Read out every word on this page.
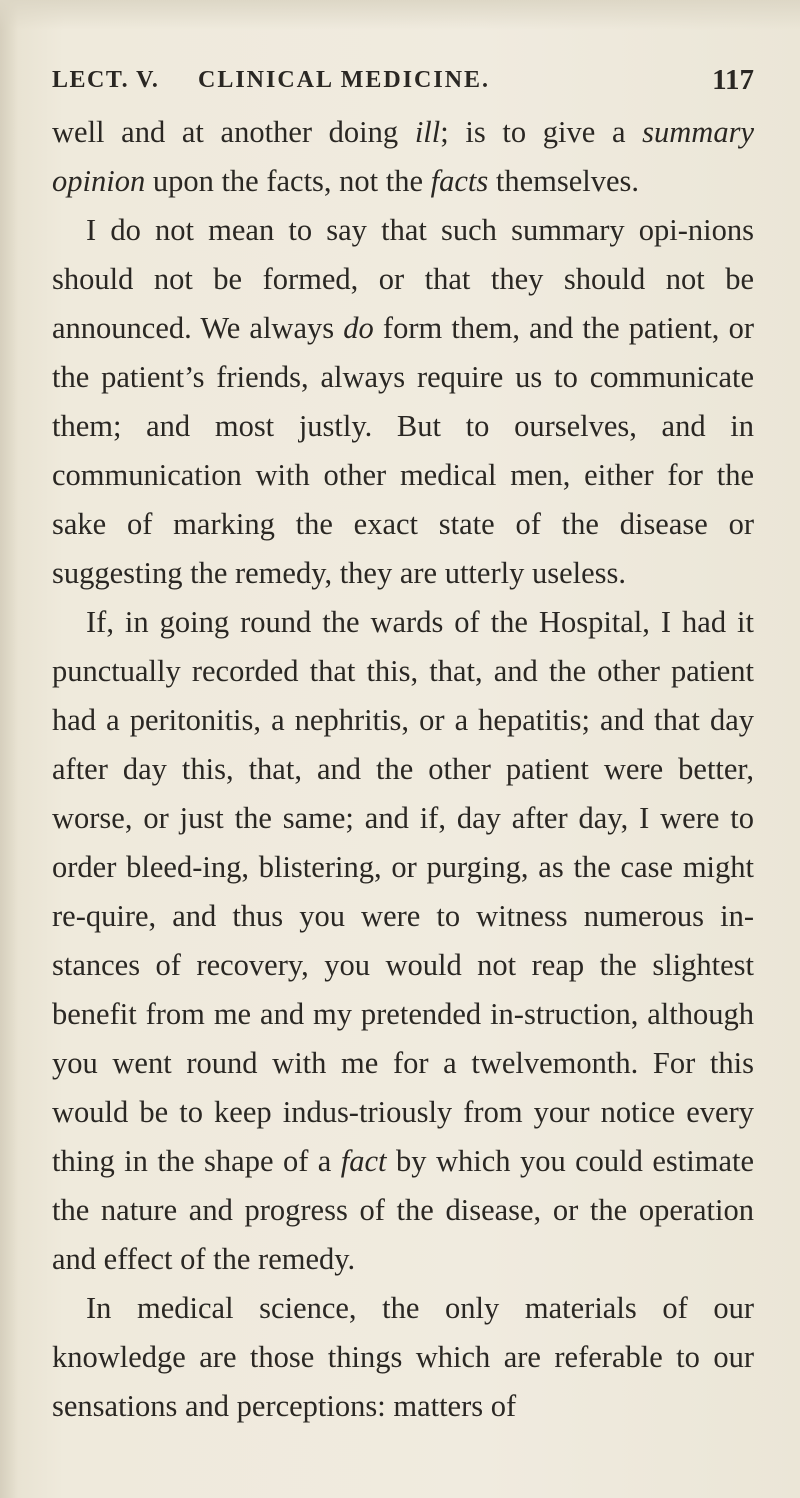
LECT. V. CLINICAL MEDICINE.	117

well and at another doing ill; is to give a summary opinion upon the facts, not the facts themselves.

I do not mean to say that such summary opi-nions should not be formed, or that they should not be announced. We always do form them, and the patient, or the patient’s friends, always require us to communicate them; and most justly. But to ourselves, and in communication with other medical men, either for the sake of marking the exact state of the disease or suggesting the remedy, they are utterly useless.

If, in going round the wards of the Hospital, I had it punctually recorded that this, that, and the other patient had a peritonitis, a nephritis, or a hepatitis; and that day after day this, that, and the other patient were better, worse, or just the same; and if, day after day, I were to order bleed-ing, blistering, or purging, as the case might re-quire, and thus you were to witness numerous in-stances of recovery, you would not reap the slightest benefit from me and my pretended in-struction, although you went round with me for a twelvemonth. For this would be to keep indus-triously from your notice every thing in the shape of a fact by which you could estimate the nature and progress of the disease, or the operation and effect of the remedy.

In medical science, the only materials of our knowledge are those things which are referable to our sensations and perceptions: matters of
